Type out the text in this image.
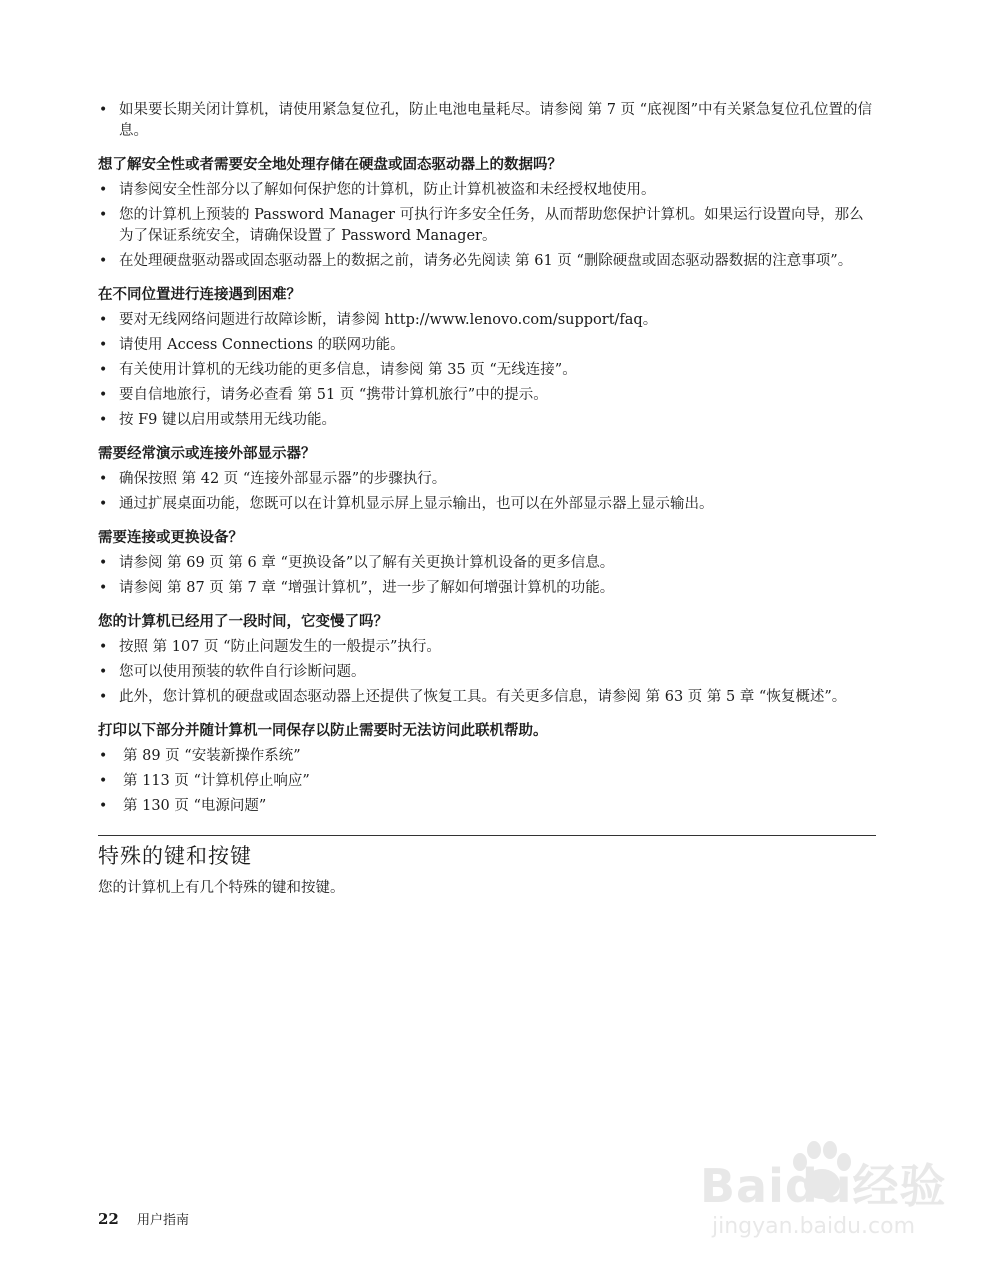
• 如果要长期关闭计算机，请使用紧急复位孔，防止电池电量耗尽。请参阅 第 7 页 “底视图”中有关紧急复位孔位置的信息。
想了解安全性或者需要安全地处理存储在硬盘或固态驱动器上的数据吗？
• 请参阅安全性部分以了解如何保护您的计算机，防止计算机被盗和未经授权地使用。
• 您的计算机上预装的 Password Manager 可执行许多安全任务，从而帮助您保护计算机。如果运行设置向导，那么为了保证系统安全，请确保设置了 Password Manager。
• 在处理硬盘驱动器或固态驱动器上的数据之前，请务必先阅读 第 61 页 “删除硬盘或固态驱动器数据的注意事项”。
在不同位置进行连接遇到困难？
• 要对无线网络问题进行故障诊断，请参阅 http://www.lenovo.com/support/faq。
• 请使用 Access Connections 的联网功能。
• 有关使用计算机的无线功能的更多信息，请参阅 第 35 页 “无线连接”。
• 要自信地旅行，请务必查看 第 51 页 “携带计算机旅行”中的提示。
• 按 F9 键以启用或禁用无线功能。
需要经常演示或连接外部显示器？
• 确保按照 第 42 页 “连接外部显示器”的步骤执行。
• 通过扩展桌面功能，您既可以在计算机显示屏上显示输出，也可以在外部显示器上显示输出。
需要连接或更换设备？
• 请参阅 第 69 页 第 6 章 “更换设备”以了解有关更换计算机设备的更多信息。
• 请参阅 第 87 页 第 7 章 “增强计算机”，进一步了解如何增强计算机的功能。
您的计算机已经用了一段时间，它变慢了吗？
• 按照 第 107 页 “防止问题发生的一般提示”执行。
• 您可以使用预装的软件自行诊断问题。
• 此外，您计算机的硬盘或固态驱动器上还提供了恢复工具。有关更多信息，请参阅 第 63 页 第 5 章 “恢复概述”。
打印以下部分并随计算机一同保存以防止需要时无法访问此联机帮助。
• 第 89 页 “安装新操作系统”
• 第 113 页 “计算机停止响应”
• 第 130 页 “电源问题”
特殊的键和按键
您的计算机上有几个特殊的键和按键。
22 用户指南
Baidu经验
jingyan.baidu.com
